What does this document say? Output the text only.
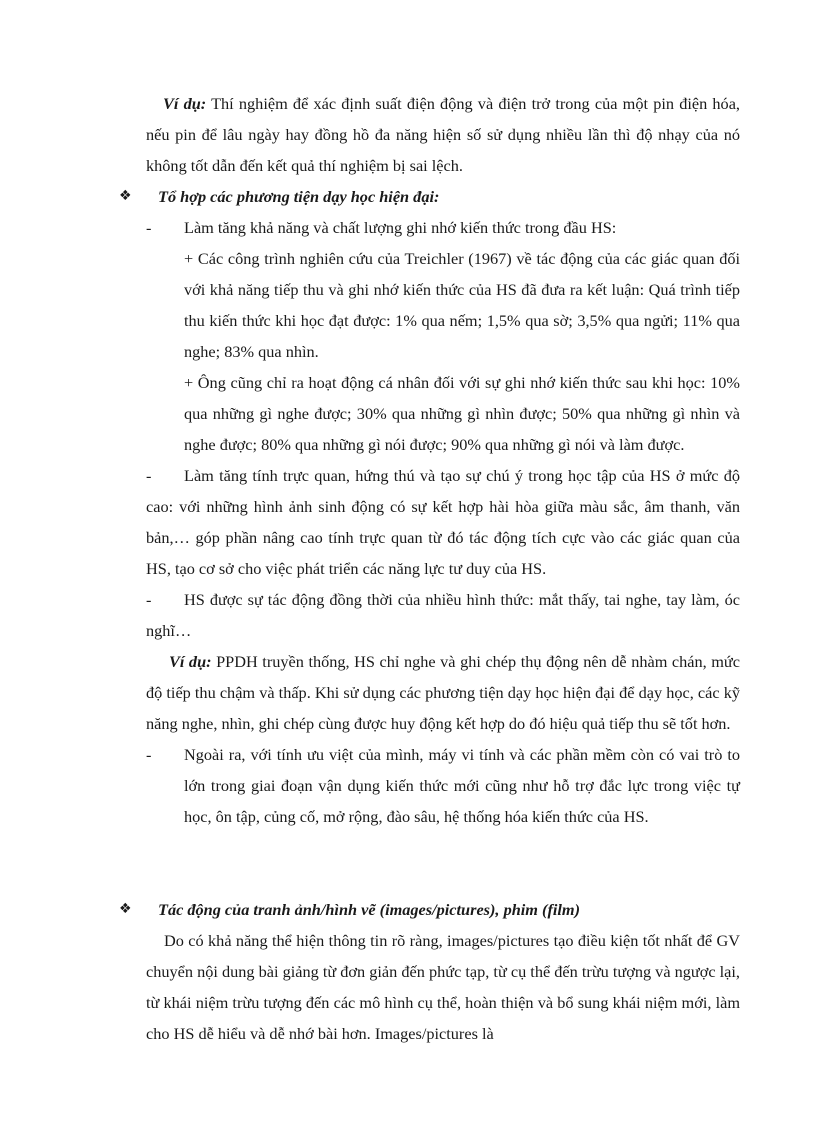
Ví dụ: Thí nghiệm để xác định suất điện động và điện trở trong của một pin điện hóa, nếu pin để lâu ngày hay đồng hồ đa năng hiện số sử dụng nhiều lần thì độ nhạy của nó không tốt dẫn đến kết quả thí nghiệm bị sai lệch.

❖ Tổ hợp các phương tiện dạy học hiện đại:

- Làm tăng khả năng và chất lượng ghi nhớ kiến thức trong đầu HS:

+ Các công trình nghiên cứu của Treichler (1967) về tác động của các giác quan đối với khả năng tiếp thu và ghi nhớ kiến thức của HS đã đưa ra kết luận: Quá trình tiếp thu kiến thức khi học đạt được: 1% qua nếm; 1,5% qua sờ; 3,5% qua ngửi; 11% qua nghe; 83% qua nhìn.

+ Ông cũng chỉ ra hoạt động cá nhân đối với sự ghi nhớ kiến thức sau khi học: 10% qua những gì nghe được; 30% qua những gì nhìn được; 50% qua những gì nhìn và nghe được; 80% qua những gì nói được; 90% qua những gì nói và làm được.

- Làm tăng tính trực quan, hứng thú và tạo sự chú ý trong học tập của HS ở mức độ cao: với những hình ảnh sinh động có sự kết hợp hài hòa giữa màu sắc, âm thanh, văn bản,… góp phần nâng cao tính trực quan từ đó tác động tích cực vào các giác quan của HS, tạo cơ sở cho việc phát triển các năng lực tư duy của HS.

- HS được sự tác động đồng thời của nhiều hình thức: mắt thấy, tai nghe, tay làm, óc nghĩ…

Ví dụ: PPDH truyền thống, HS chỉ nghe và ghi chép thụ động nên dễ nhàm chán, mức độ tiếp thu chậm và thấp. Khi sử dụng các phương tiện dạy học hiện đại để dạy học, các kỹ năng nghe, nhìn, ghi chép cùng được huy động kết hợp do đó hiệu quả tiếp thu sẽ tốt hơn.

- Ngoài ra, với tính ưu việt của mình, máy vi tính và các phần mềm còn có vai trò to lớn trong giai đoạn vận dụng kiến thức mới cũng như hỗ trợ đắc lực trong việc tự học, ôn tập, củng cố, mở rộng, đào sâu, hệ thống hóa kiến thức của HS.

❖ Tác động của tranh ảnh/hình vẽ (images/pictures), phim (film)

Do có khả năng thể hiện thông tin rõ ràng, images/pictures tạo điều kiện tốt nhất để GV chuyển nội dung bài giảng từ đơn giản đến phức tạp, từ cụ thể đến trừu tượng và ngược lại, từ khái niệm trừu tượng đến các mô hình cụ thể, hoàn thiện và bổ sung khái niệm mới, làm cho HS dễ hiểu và dễ nhớ bài hơn. Images/pictures là
